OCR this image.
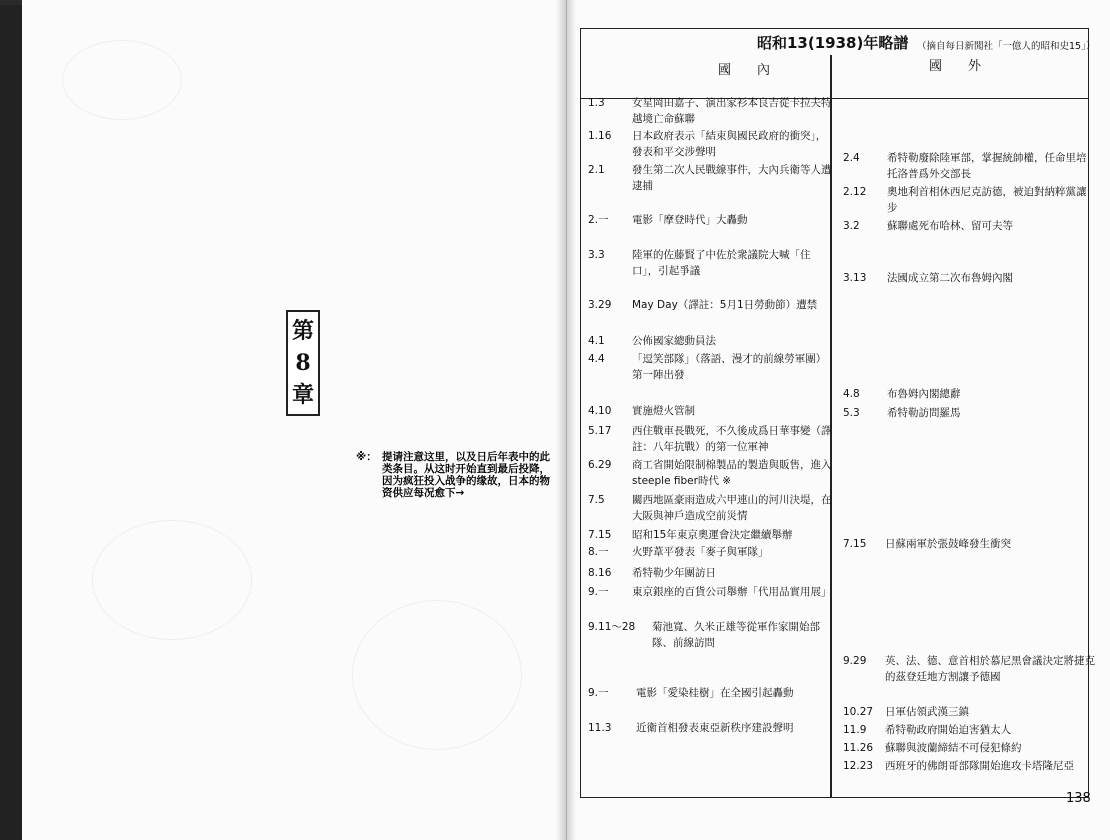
第
8
章
※： 提请注意这里，以及日后年表中的此类条目。从这时开始直到最后投降，因为疯狂投入战争的缘故，日本的物资供应每况愈下→
昭和13(1938)年略譜 （摘自每日新聞社「一億人的昭和史15」）
國內	國外
1.3	女星岡田嘉子、演出家衫本良吉從卡拉夫特越境亡命蘇聯
1.16 日本政府表示「結束與國民政府的衝突」，發表和平交涉聲明
2.1	發生第二次人民戰線事件，大內兵衛等人遭逮捕
2.一 電影「摩登時代」大轟動
3.3	陸軍的佐藤賢了中佐於衆議院大喊「住口」，引起爭議
3.29 May Day（譯註：5月1日勞動節）遭禁
4.1	公佈國家總動員法
4.4	「逗笑部隊」（落語、漫才的前線勞軍團）第一陣出發
4.10 實施燈火管制
5.17 西住戰車長戰死，不久後成爲日華事變（譯註：八年抗戰）的第一位軍神
6.29 商工省開始限制棉製品的製造與販售，進入steeple fiber時代 ※
7.5	關西地區豪雨造成六甲連山的河川決堤，在大阪與神戶造成空前災情
7.15 昭和15年東京奧運會決定繼續舉辦
8.一 火野葦平發表「麥子與軍隊」
8.16 希特勒少年團訪日
9.一 東京銀座的百貨公司舉辦「代用品實用展」
9.11～28 菊池寬、久米正雄等從軍作家開始部隊、前線訪問
9.一	電影「愛染桂樹」在全國引起轟動
11.3 近衛首相發表東亞新秩序建設聲明
2.4	希特勒廢除陸軍部，掌握統帥權，任命里培托洛普爲外交部長
2.12 奧地利首相休西尼克訪德，被迫對納粹黨讓步
3.2	蘇聯處死布哈林、留可夫等
3.13 法國成立第二次布魯姆內閣
4.8	布魯姆內閣總辭
5.3	希特勒訪問羅馬
7.15 日蘇兩軍於張鼓峰發生衝突
9.29 英、法、德、意首相於慕尼黑會議決定將捷克的茲登廷地方割讓予德國
10.27 日軍佔領武漢三鎮
11.9 希特勒政府開始迫害猶太人
11.26 蘇聯與波蘭締結不可侵犯條約
12.23 西班牙的佛朗哥部隊開始進攻卡塔隆尼亞
138
